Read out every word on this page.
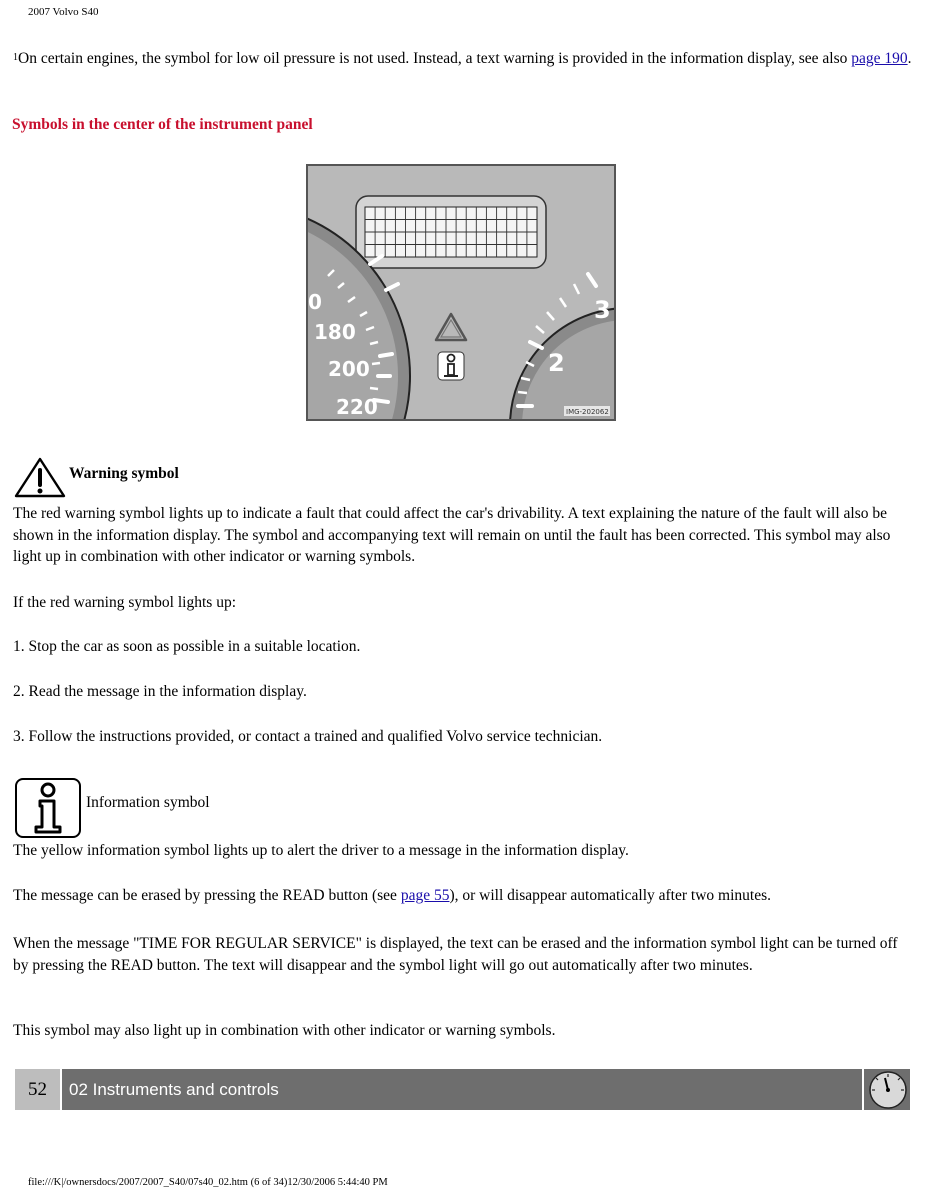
2007 Volvo S40

$^1$On certain engines, the symbol for low oil pressure is not used. Instead, a text warning is provided in the information display, see also page 190.

Symbols in the center of the instrument panel
0
180
200
220
3
2
IMG-202062
Warning symbol

The red warning symbol lights up to indicate a fault that could affect the car's drivability. A text explaining the nature of the fault will also be shown in the information display. The symbol and accompanying text will remain on until the fault has been corrected. This symbol may also light up in combination with other indicator or warning symbols.

If the red warning symbol lights up:

1. Stop the car as soon as possible in a suitable location.

2. Read the message in the information display.

3. Follow the instructions provided, or contact a trained and qualified Volvo service technician.

Information symbol

The yellow information symbol lights up to alert the driver to a message in the information display.

The message can be erased by pressing the READ button (see page 55), or will disappear automatically after two minutes.

When the message "TIME FOR REGULAR SERVICE" is displayed, the text can be erased and the information symbol light can be turned off by pressing the READ button. The text will disappear and the symbol light will go out automatically after two minutes.

This symbol may also light up in combination with other indicator or warning symbols.

52	02 Instruments and controls
file:///K|/ownersdocs/2007/2007_S40/07s40_02.htm (6 of 34)12/30/2006 5:44:40 PM
